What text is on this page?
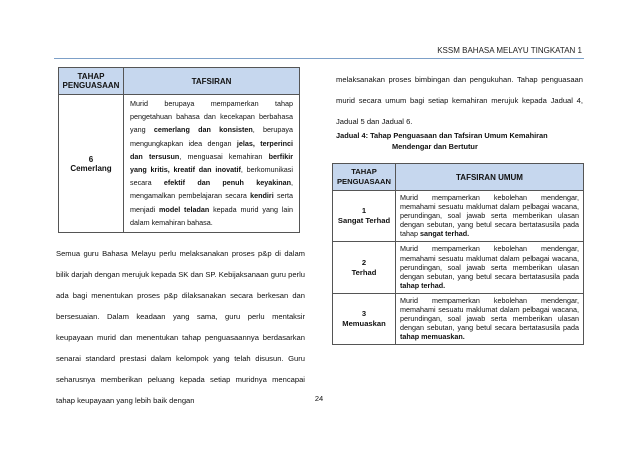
KSSM BAHASA MELAYU TINGKATAN 1
TAHAP PENGUASAAN	TAFSIRAN

6
Cemerlang	Murid berupaya mempamerkan tahap pengetahuan bahasa dan kecekapan berbahasa yang cemerlang dan konsisten, berupaya mengungkapkan idea dengan jelas, terperinci dan tersusun, menguasai kemahiran berfikir yang kritis, kreatif dan inovatif, berkomunikasi secara efektif dan penuh keyakinan, mengamalkan pembelajaran secara kendiri serta menjadi model teladan kepada murid yang lain dalam kemahiran bahasa.
Semua guru Bahasa Melayu perlu melaksanakan proses p&p di dalam bilik darjah dengan merujuk kepada SK dan SP. Kebijaksanaan guru perlu ada bagi menentukan proses p&p dilaksanakan secara berkesan dan bersesuaian. Dalam keadaan yang sama, guru perlu mentaksir keupayaan murid dan menentukan tahap penguasaannya berdasarkan senarai standard prestasi dalam kelompok yang telah disusun. Guru seharusnya memberikan peluang kepada setiap muridnya mencapai tahap keupayaan yang lebih baik dengan
melaksanakan proses bimbingan dan pengukuhan. Tahap penguasaan murid secara umum bagi setiap kemahiran merujuk kepada Jadual 4, Jadual 5 dan Jadual 6.
Jadual 4: Tahap Penguasaan dan Tafsiran Umum Kemahiran
Mendengar dan Bertutur
TAHAP PENGUASAAN	TAFSIRAN UMUM

1
Sangat Terhad	Murid mempamerkan kebolehan mendengar, memahami sesuatu maklumat dalam pelbagai wacana, perundingan, soal jawab serta memberikan ulasan dengan sebutan, yang betul secara bertatasusila pada tahap sangat terhad.

2
Terhad	Murid mempamerkan kebolehan mendengar, memahami sesuatu maklumat dalam pelbagai wacana, perundingan, soal jawab serta memberikan ulasan dengan sebutan, yang betul secara bertatasusila pada tahap terhad.

3
Memuaskan	Murid mempamerkan kebolehan mendengar, memahami sesuatu maklumat dalam pelbagai wacana, perundingan, soal jawab serta memberikan ulasan dengan sebutan, yang betul secara bertatasusila pada tahap memuaskan.
24
